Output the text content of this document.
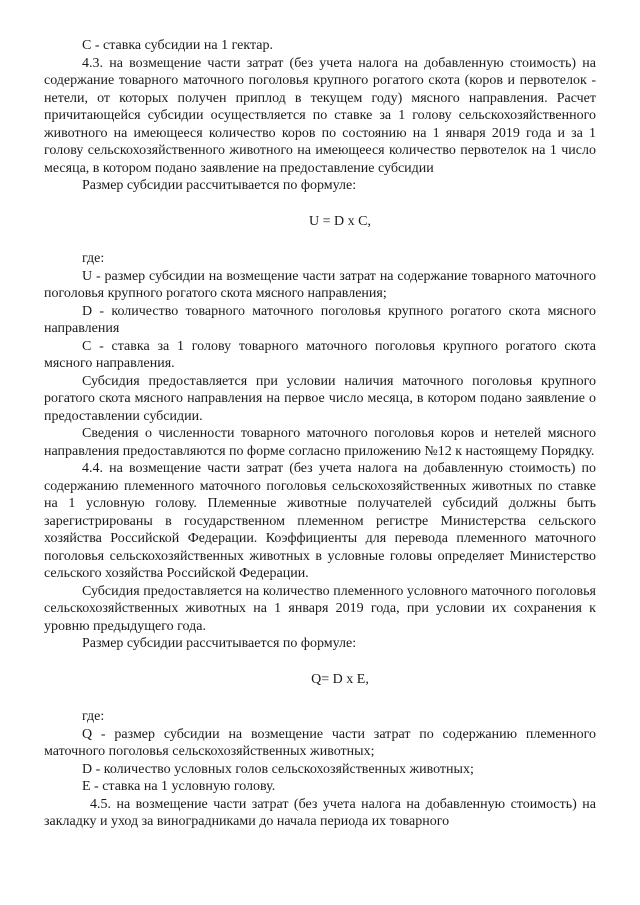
С - ставка субсидии на 1 гектар.

4.3. на возмещение части затрат (без учета налога на добавленную стоимость) на содержание товарного маточного поголовья крупного рогатого скота (коров и первотелок - нетели, от которых получен приплод в текущем году) мясного направления. Расчет причитающейся субсидии осуществляется по ставке за 1 голову сельскохозяйственного животного на имеющееся количество коров по состоянию на 1 января 2019 года и за 1 голову сельскохозяйственного животного на имеющееся количество первотелок на 1 число месяца, в котором подано заявление на предоставление субсидии

Размер субсидии рассчитывается по формуле:

U = D x C,

где:

U - размер субсидии на возмещение части затрат на содержание товарного маточного поголовья крупного рогатого скота мясного направления;

D - количество товарного маточного поголовья крупного рогатого скота мясного направления

C - ставка за 1 голову товарного маточного поголовья крупного рогатого скота мясного направления.

Субсидия предоставляется при условии наличия маточного поголовья крупного рогатого скота мясного направления на первое число месяца, в котором подано заявление о предоставлении субсидии.

Сведения о численности товарного маточного поголовья коров и нетелей мясного направления предоставляются по форме согласно приложению №12 к настоящему Порядку.

4.4. на возмещение части затрат (без учета налога на добавленную стоимость) по содержанию племенного маточного поголовья сельскохозяйственных животных по ставке на 1 условную голову. Племенные животные получателей субсидий должны быть зарегистрированы в государственном племенном регистре Министерства сельского хозяйства Российской Федерации. Коэффициенты для перевода племенного маточного поголовья сельскохозяйственных животных в условные головы определяет Министерство сельского хозяйства Российской Федерации.

Субсидия предоставляется на количество племенного условного маточного поголовья сельскохозяйственных животных на 1 января 2019 года, при условии их сохранения к уровню предыдущего года.

Размер субсидии рассчитывается по формуле:

Q= D x E,

где:

Q - размер субсидии на возмещение части затрат по содержанию племенного маточного поголовья сельскохозяйственных животных;

D - количество условных голов сельскохозяйственных животных;

E - ставка на 1 условную голову.

4.5. на возмещение части затрат (без учета налога на добавленную стоимость) на закладку и уход за виноградниками до начала периода их товарного
